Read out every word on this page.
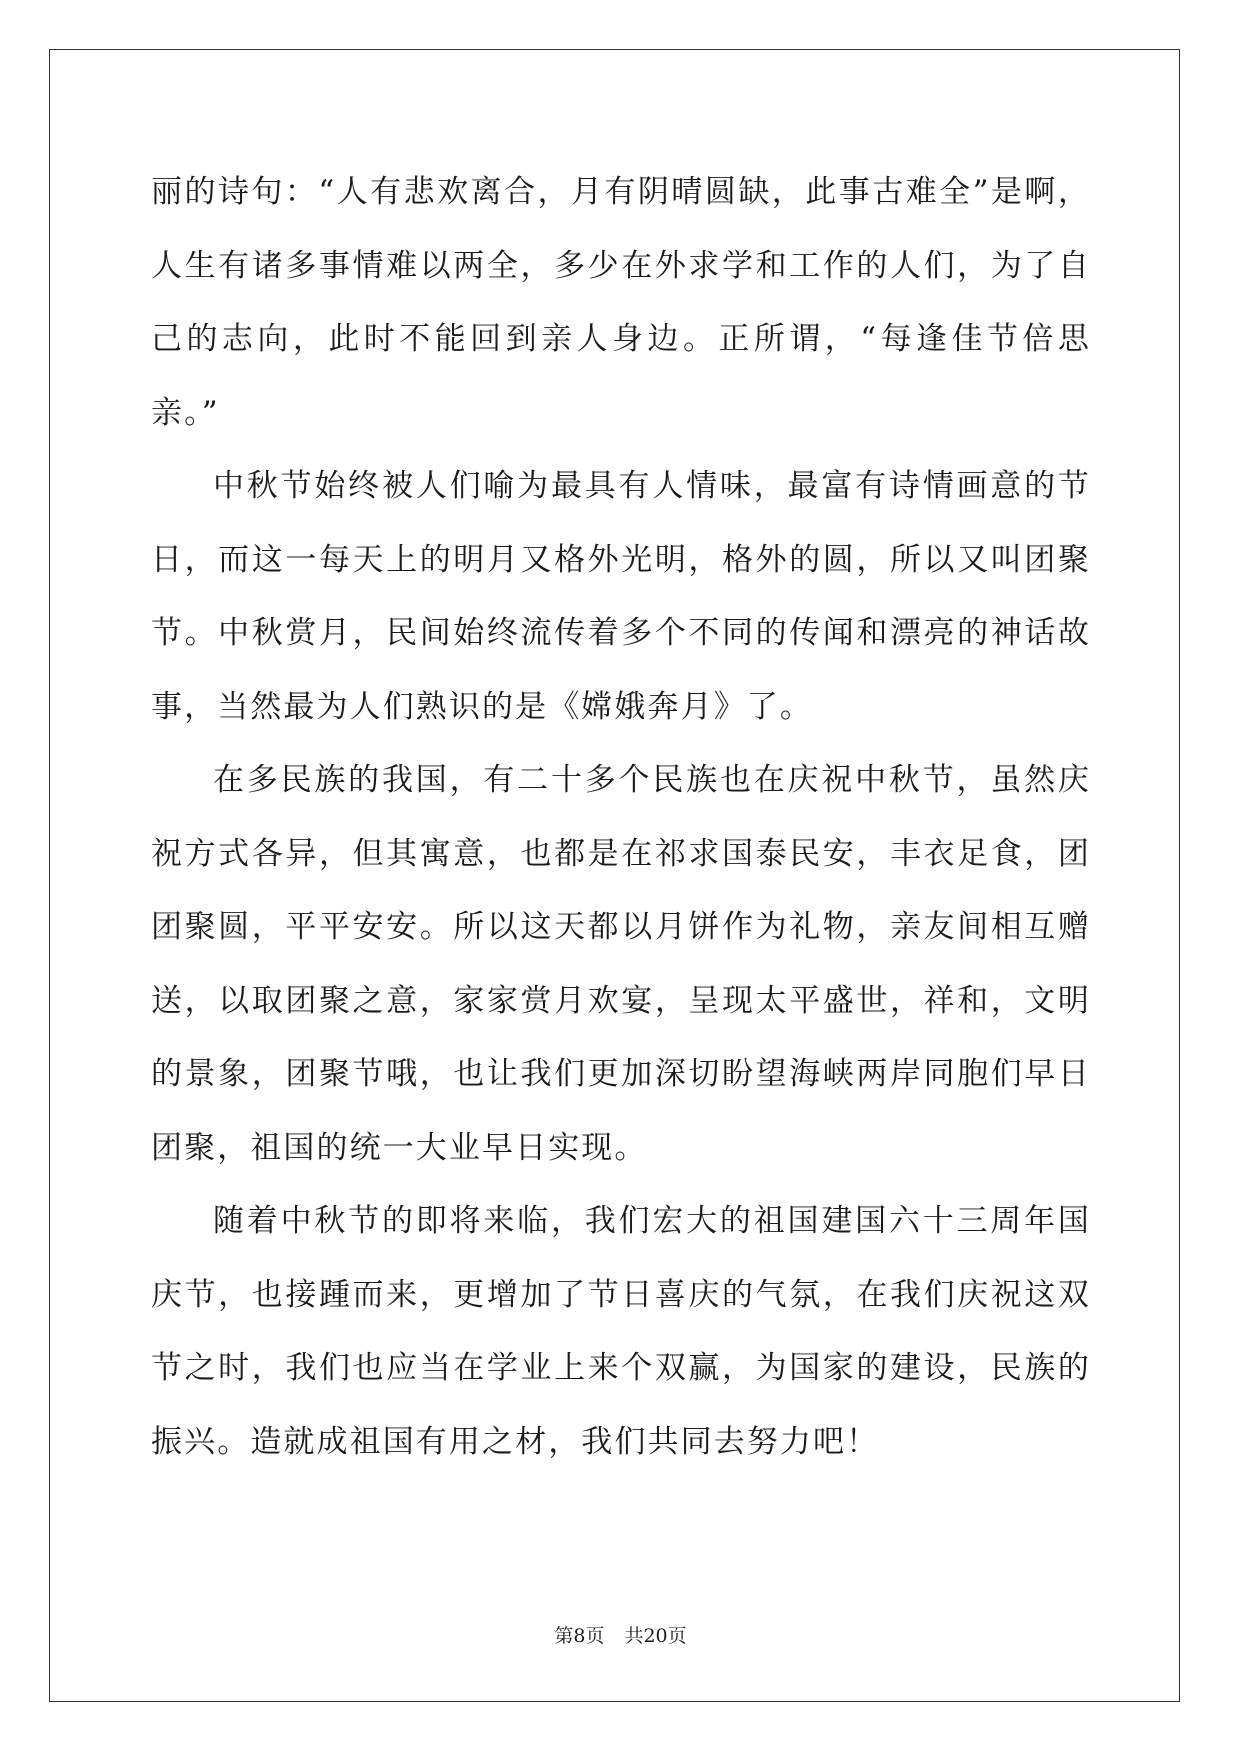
丽的诗句：“人有悲欢离合，月有阴晴圆缺，此事古难全”是啊，人生有诸多事情难以两全，多少在外求学和工作的人们，为了自己的志向，此时不能回到亲人身边。正所谓，“每逢佳节倍思亲。”

中秋节始终被人们喻为最具有人情味，最富有诗情画意的节日，而这一每天上的明月又格外光明，格外的圆，所以又叫团聚节。中秋赏月，民间始终流传着多个不同的传闻和漂亮的神话故事，当然最为人们熟识的是《嫦娥奔月》了。

在多民族的我国，有二十多个民族也在庆祝中秋节，虽然庆祝方式各异，但其寓意，也都是在祁求国泰民安，丰衣足食，团团聚圆，平平安安。所以这天都以月饼作为礼物，亲友间相互赠送，以取团聚之意，家家赏月欢宴，呈现太平盛世，祥和，文明的景象，团聚节哦，也让我们更加深切盼望海峡两岸同胞们早日团聚，祖国的统一大业早日实现。

随着中秋节的即将来临，我们宏大的祖国建国六十三周年国庆节，也接踵而来，更增加了节日喜庆的气氛，在我们庆祝这双节之时，我们也应当在学业上来个双赢，为国家的建设，民族的振兴。造就成祖国有用之材，我们共同去努力吧！

第8页 共20页
